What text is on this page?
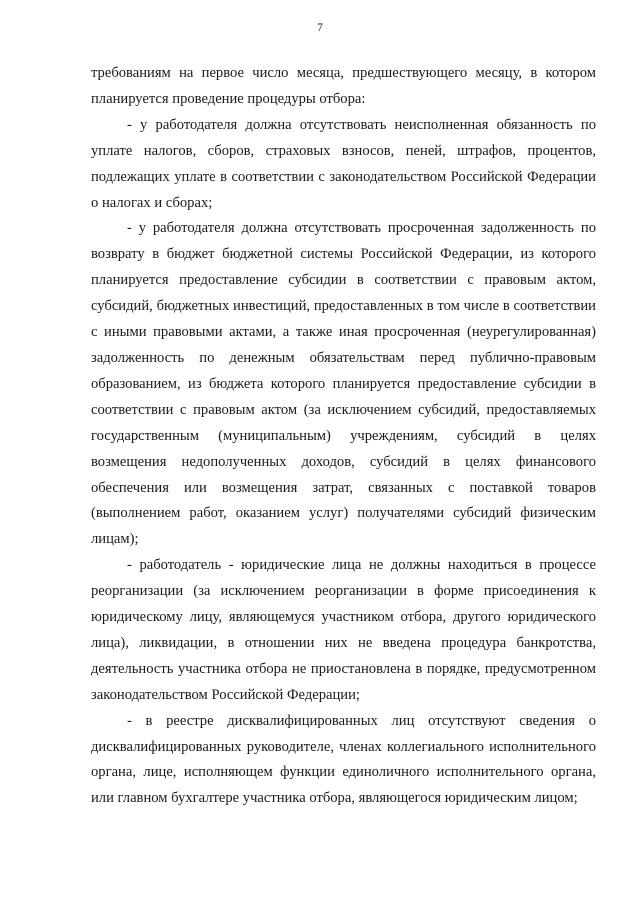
7

требованиям на первое число месяца, предшествующего месяцу, в котором планируется проведение процедуры отбора:

- у работодателя должна отсутствовать неисполненная обязанность по уплате налогов, сборов, страховых взносов, пеней, штрафов, процентов, подлежащих уплате в соответствии с законодательством Российской Федерации о налогах и сборах;

- у работодателя должна отсутствовать просроченная задолженность по возврату в бюджет бюджетной системы Российской Федерации, из которого планируется предоставление субсидии в соответствии с правовым актом, субсидий, бюджетных инвестиций, предоставленных в том числе в соответствии с иными правовыми актами, а также иная просроченная (неурегулированная) задолженность по денежным обязательствам перед публично-правовым образованием, из бюджета которого планируется предоставление субсидии в соответствии с правовым актом (за исключением субсидий, предоставляемых государственным (муниципальным) учреждениям, субсидий в целях возмещения недополученных доходов, субсидий в целях финансового обеспечения или возмещения затрат, связанных с поставкой товаров (выполнением работ, оказанием услуг) получателями субсидий физическим лицам);

- работодатель - юридические лица не должны находиться в процессе реорганизации (за исключением реорганизации в форме присоединения к юридическому лицу, являющемуся участником отбора, другого юридического лица), ликвидации, в отношении них не введена процедура банкротства, деятельность участника отбора не приостановлена в порядке, предусмотренном законодательством Российской Федерации;

- в реестре дисквалифицированных лиц отсутствуют сведения о дисквалифицированных руководителе, членах коллегиального исполнительного органа, лице, исполняющем функции единоличного исполнительного органа, или главном бухгалтере участника отбора, являющегося юридическим лицом;
